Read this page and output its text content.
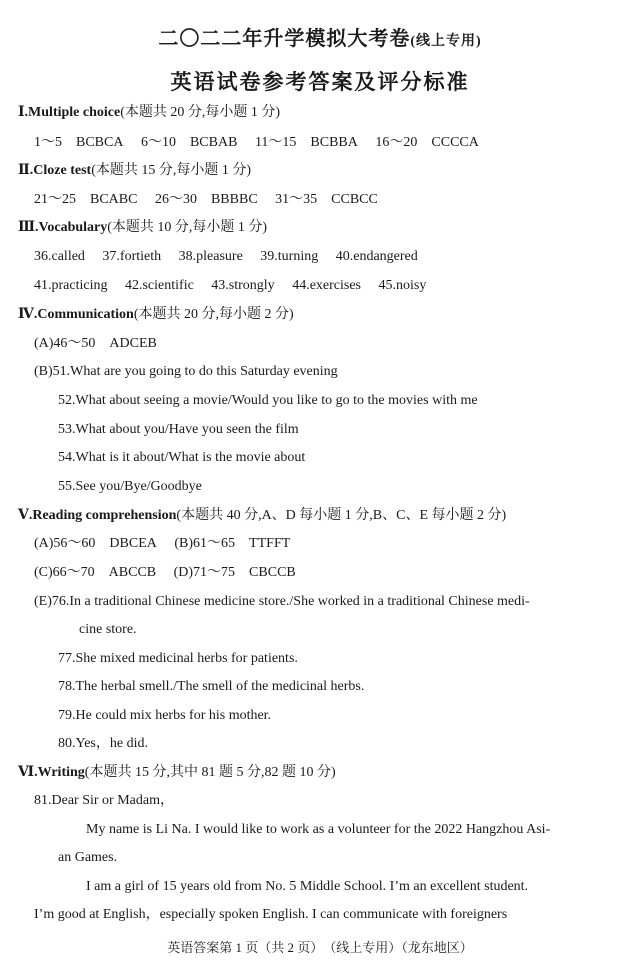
二〇二二年升学模拟大考卷(线上专用)
英语试卷参考答案及评分标准
Ⅰ.Multiple choice(本题共 20 分,每小题 1 分)
1～5　BCBCA 6～10　BCBAB 11～15　BCBBA 16～20　CCCCA
Ⅱ.Cloze test(本题共 15 分,每小题 1 分)
21～25　BCABC 26～30　BBBBC 31～35　CCBCC
Ⅲ.Vocabulary(本题共 10 分,每小题 1 分)
36.called 37.fortieth 38.pleasure 39.turning 40.endangered
41.practicing 42.scientific 43.strongly 44.exercises 45.noisy
Ⅳ.Communication(本题共 20 分,每小题 2 分)
(A)46～50　ADCEB
(B)51.What are you going to do this Saturday evening
52.What about seeing a movie/Would you like to go to the movies with me
53.What about you/Have you seen the film
54.What is it about/What is the movie about
55.See you/Bye/Goodbye
Ⅴ.Reading comprehension(本题共 40 分,A、D 每小题 1 分,B、C、E 每小题 2 分)
(A)56～60　DBCEA (B)61～65　TTFFT
(C)66～70　ABCCB (D)71～75　CBCCB
(E)76.In a traditional Chinese medicine store./She worked in a traditional Chinese medi-
cine store.
77.She mixed medicinal herbs for patients.
78.The herbal smell./The smell of the medicinal herbs.
79.He could mix herbs for his mother.
80.Yes，he did.
Ⅵ.Writing(本题共 15 分,其中 81 题 5 分,82 题 10 分)
81.Dear Sir or Madam，
My name is Li Na. I would like to work as a volunteer for the 2022 Hangzhou Asi-
an Games.
I am a girl of 15 years old from No. 5 Middle School. I’m an excellent student.
I’m good at English，especially spoken English. I can communicate with foreigners
英语答案第 1 页（共 2 页）　（线上专用）（龙东地区）
